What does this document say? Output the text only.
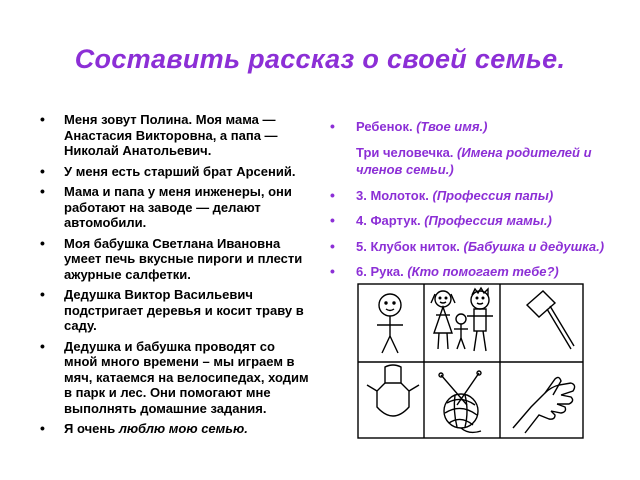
Составить рассказ о своей семье.
• Меня зовут Полина. Моя мама — Анастасия Викторовна, а папа — Николай Анатольевич.
• У меня есть старший брат Арсений.
• Мама и папа у меня инженеры, они работают на заводе — делают автомобили.
• Моя бабушка Светлана Ивановна умеет печь вкусные пироги и плести ажурные салфетки.
• Дедушка Виктор Васильевич подстригает деревья и косит траву в саду.
• Дедушка и бабушка проводят со мной много времени – мы играем в мяч, катаемся на велосипедах, ходим в парк и лес. Они помогают мне выполнять домашние задания.
• Я очень люблю мою семью.
• Ребенок. (Твое имя.)
Три человечка. (Имена родителей и членов семьи.)
• 3. Молоток. (Профессия папы)
• 4. Фартук. (Профессия мамы.)
• 5. Клубок ниток. (Бабушка и дедушка.)
• 6. Рука. (Кто помогает тебе?)
